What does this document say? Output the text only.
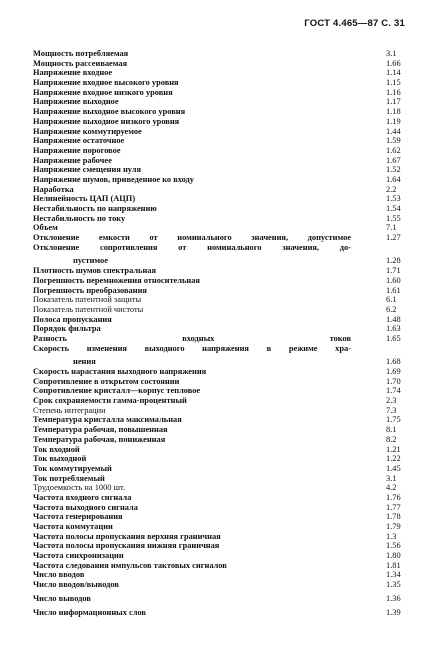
ГОСТ 4.465—87 С. 31
Мощность потребляемая	3.1
Мощность рассеиваемая	1.66
Напряжение входное	1.14
Напряжение входное высокого уровня	1.15
Напряжение входное низкого уровня	1.16
Напряжение выходное	1.17
Напряжение выходное высокого уровня	1.18
Напряжение выходное низкого уровня	1.19
Напряжение коммутируемое	1.44
Напряжение остаточное	1.59
Напряжение пороговое	1.62
Напряжение рабочее	1.67
Напряжение смещения нуля	1.52
Напряжение шумов, приведенное ко входу	1.64
Наработка	2.2
Нелинейность ЦАП (АЦП)	1.53
Нестабильность по напряжению	1.54
Нестабильность по току	1.55
Объем	7.1
Отклонение емкости от номинального значения, допустимое	1.27
Отклонение сопротивления от номинального значения, до-
пустимое	1.28
Плотность шумов спектральная	1.71
Погрешность перемножения относительная	1.60
Погрешность преобразования	1.61
Показатель патентной защиты	6.1
Показатель патентной чистоты	6.2
Полоса пропускания	1.48
Порядок фильтра	1.63
Разность входных токов	1.65
Скорость изменения выходного напряжения в режиме хра-
нения	1.68
Скорость нарастания выходного напряжения	1.69
Сопротивление в открытом состоянии	1.70
Сопротивление кристалл—корпус тепловое	1.74
Срок сохраняемости гамма-процентный	2.3
Степень интеграции	7.3
Температура кристалла максимальная	1.75
Температура рабочая, повышенная	8.1
Температура рабочая, пониженная	8.2
Ток входной	1.21
Ток выходной	1.22
Ток коммутируемый	1.45
Ток потребляемый	3.1
Трудоемкость на 1000 шт.	4.2
Частота входного сигнала	1.76
Частота выходного сигнала	1.77
Частота генерирования	1.78
Частота коммутации	1.79
Частота полосы пропускания верхняя граничная	1.3
Частота полосы пропускания нижняя граничная	1.56
Частота синхронизации	1.80
Частота следования импульсов тактовых сигналов	1.81
Число вводов	1.34
Число вводов/выводов	1.35
Число выводов	1.36
Число информационных слов	1.39
